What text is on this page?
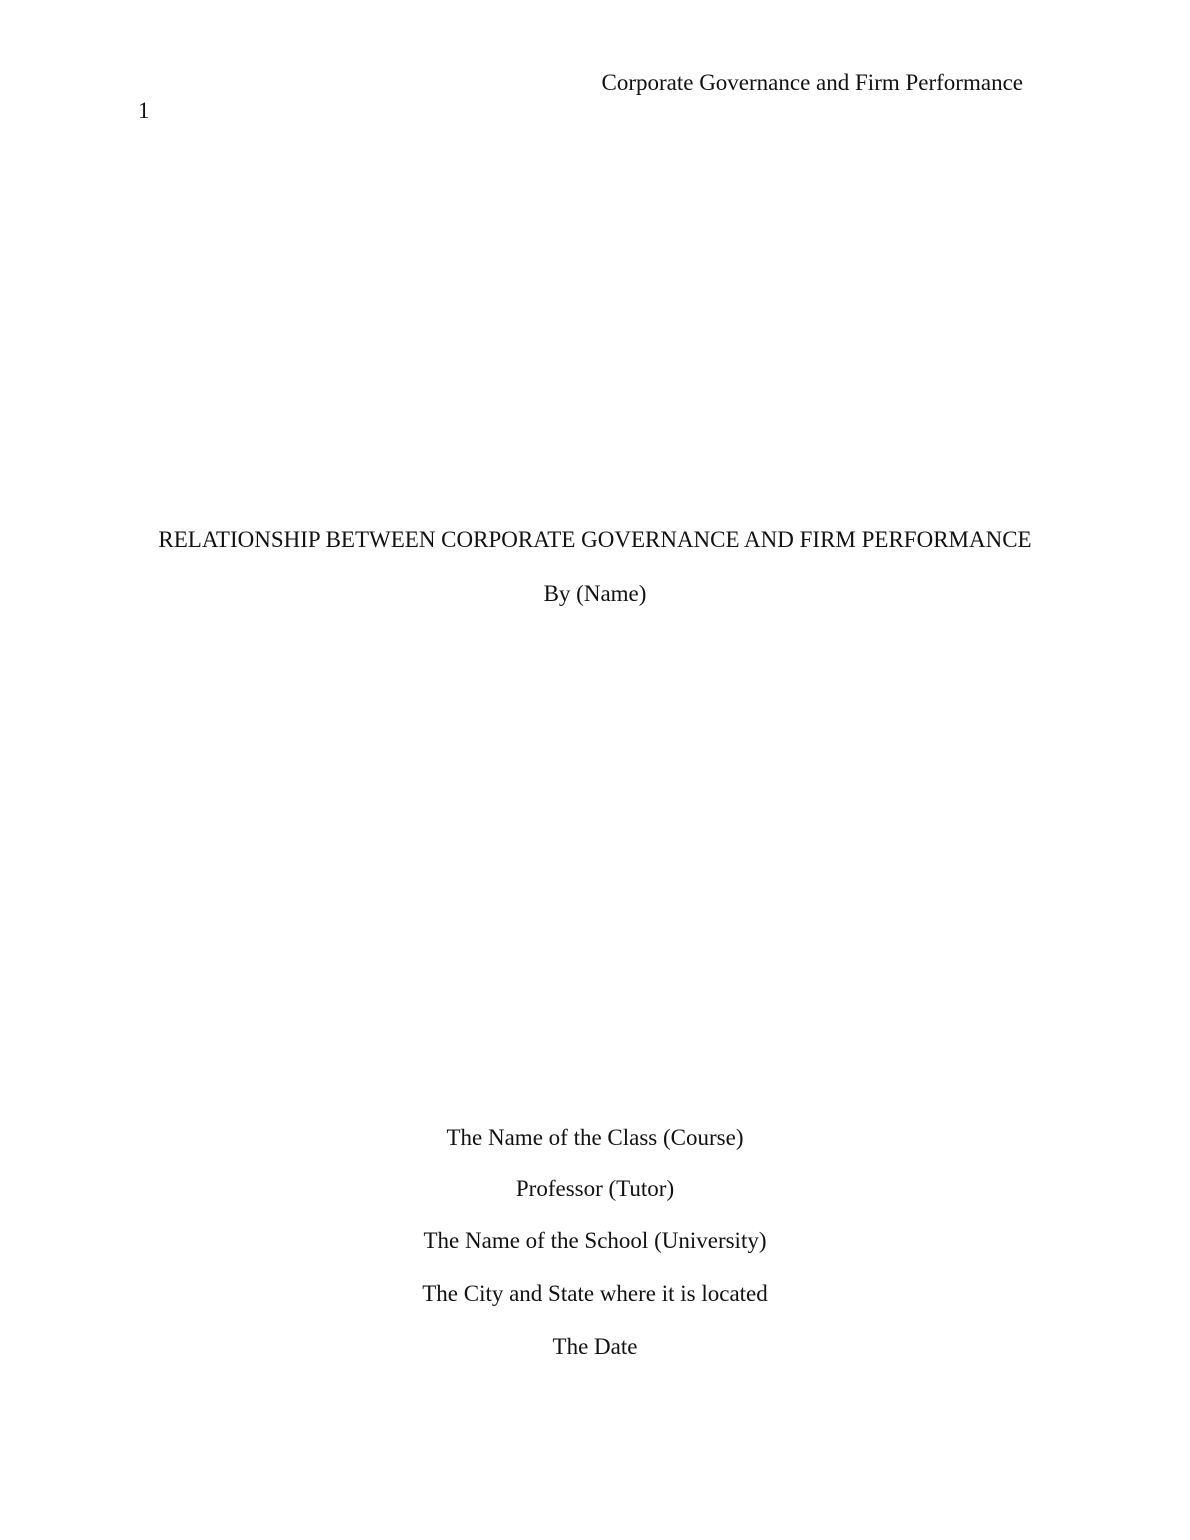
Corporate Governance and Firm Performance
1
RELATIONSHIP BETWEEN CORPORATE GOVERNANCE AND FIRM PERFORMANCE
By (Name)
The Name of the Class (Course)
Professor (Tutor)
The Name of the School (University)
The City and State where it is located
The Date
